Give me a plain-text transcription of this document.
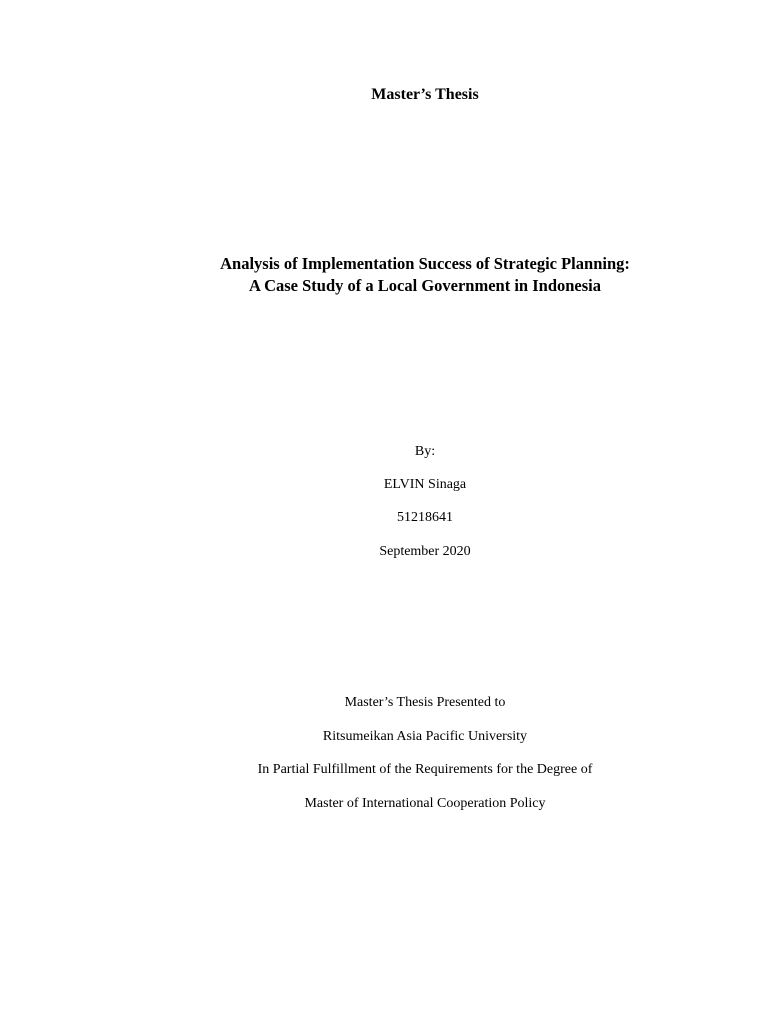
Master’s Thesis
Analysis of Implementation Success of Strategic Planning:
A Case Study of a Local Government in Indonesia
By:
ELVIN Sinaga
51218641
September 2020
Master’s Thesis Presented to
Ritsumeikan Asia Pacific University
In Partial Fulfillment of the Requirements for the Degree of
Master of International Cooperation Policy
